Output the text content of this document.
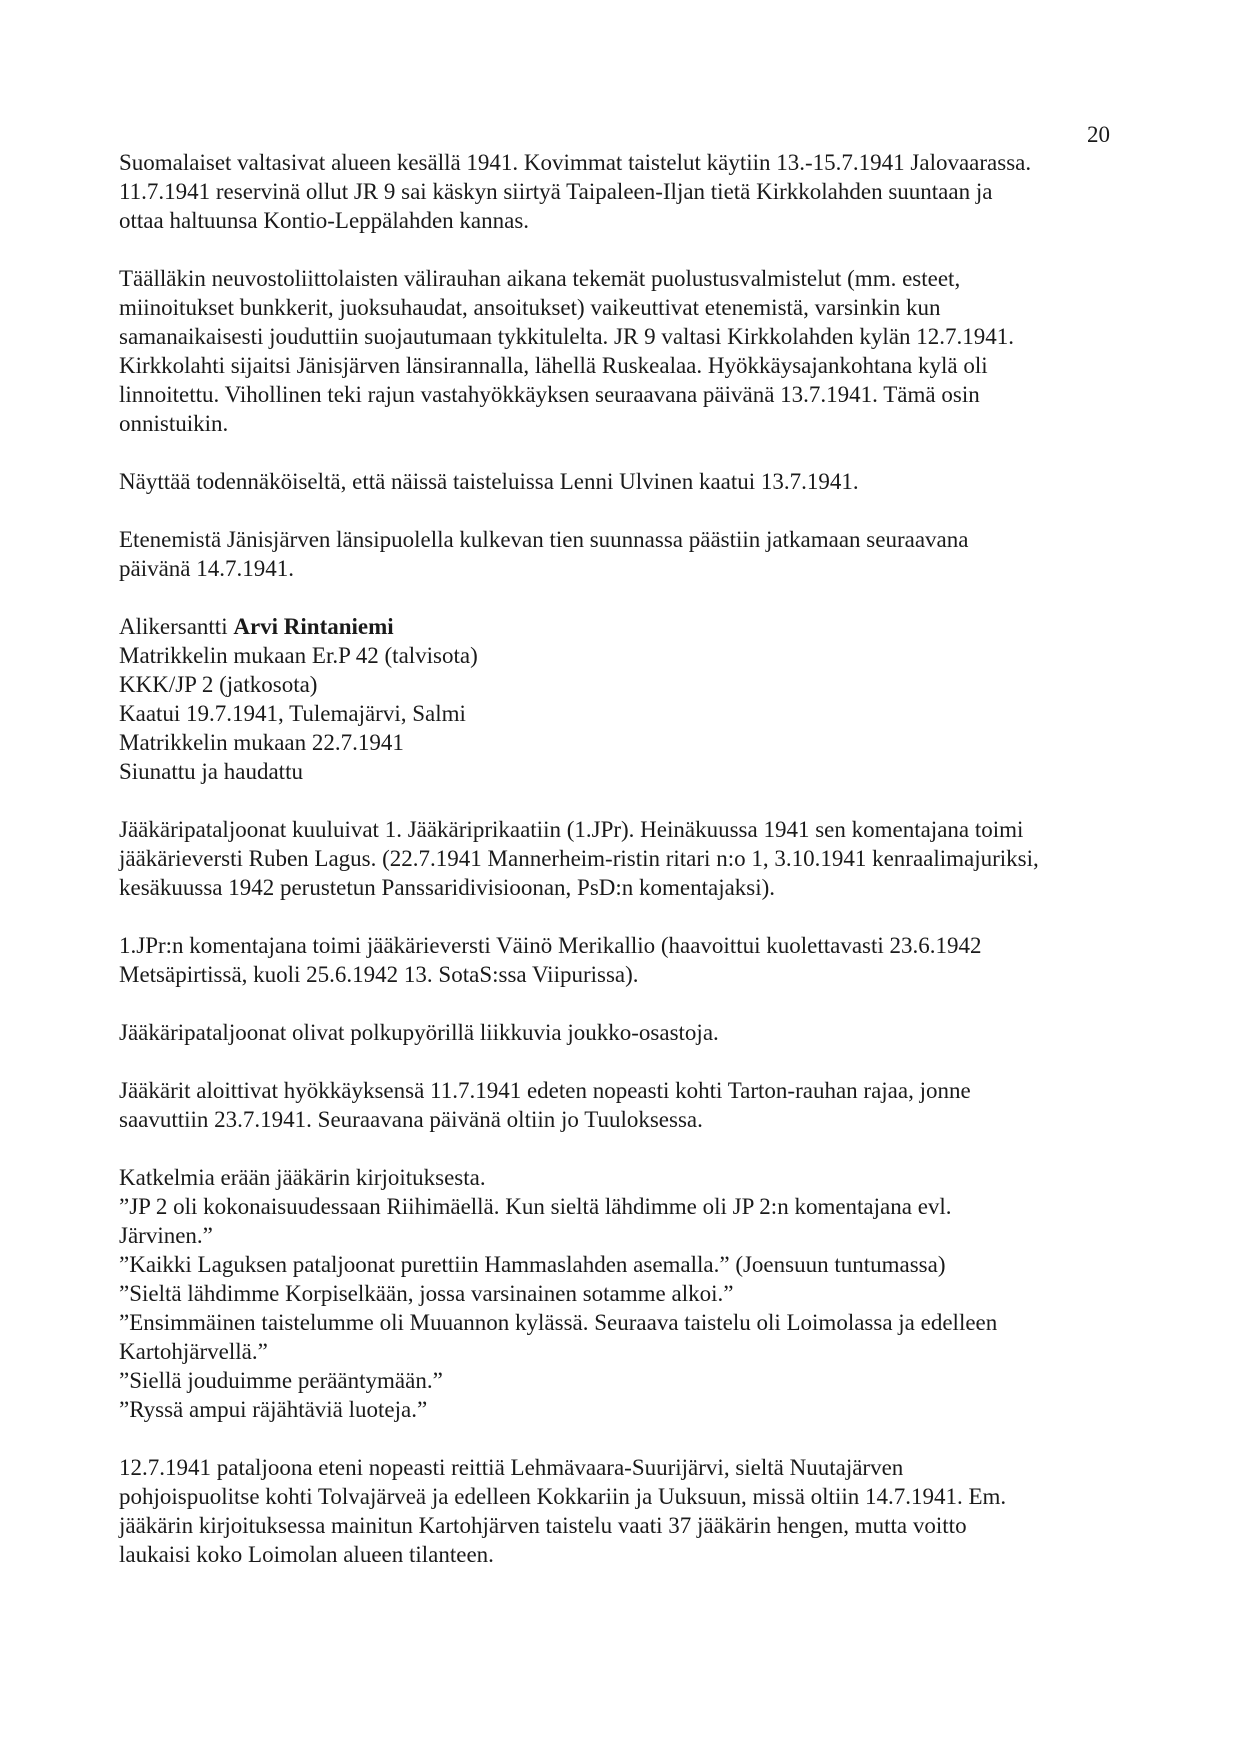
20

Suomalaiset valtasivat alueen kesällä 1941. Kovimmat taistelut käytiin 13.-15.7.1941 Jalovaarassa.
11.7.1941 reservinä ollut JR 9 sai käskyn siirtyä Taipaleen-Iljan tietä Kirkkolahden suuntaan ja
ottaa haltuunsa Kontio-Leppälahden kannas.

Täälläkin neuvostoliittolaisten välirauhan aikana tekemät puolustusvalmistelut (mm. esteet,
miinoitukset bunkkerit, juoksuhaudat, ansoitukset) vaikeuttivat etenemistä, varsinkin kun
samanaikaisesti jouduttiin suojautumaan tykkitulelta. JR 9 valtasi Kirkkolahden kylän 12.7.1941.
Kirkkolahti sijaitsi Jänisjärven länsirannalla, lähellä Ruskealaa. Hyökkäysajankohtana kylä oli
linnoitettu. Vihollinen teki rajun vastahyökkäyksen seuraavana päivänä 13.7.1941. Tämä osin
onnistuikin.

Näyttää todennäköiseltä, että näissä taisteluissa Lenni Ulvinen kaatui 13.7.1941.

Etenemistä Jänisjärven länsipuolella kulkevan tien suunnassa päästiin jatkamaan seuraavana
päivänä 14.7.1941.

Alikersantti Arvi Rintaniemi
Matrikkelin mukaan Er.P 42 (talvisota)
KKK/JP 2 (jatkosota)
Kaatui 19.7.1941, Tulemajärvi, Salmi
Matrikkelin mukaan 22.7.1941
Siunattu ja haudattu

Jääkäripataljoonat kuuluivat 1. Jääkäriprikaatiin (1.JPr). Heinäkuussa 1941 sen komentajana toimi
jääkärieversti Ruben Lagus. (22.7.1941 Mannerheim-ristin ritari n:o 1, 3.10.1941 kenraalimajuriksi,
kesäkuussa 1942 perustetun Panssaridivisioonan, PsD:n komentajaksi).

1.JPr:n komentajana toimi jääkärieversti Väinö Merikallio (haavoittui kuolettavasti 23.6.1942
Metsäpirtissä, kuoli 25.6.1942 13. SotaS:ssa Viipurissa).

Jääkäripataljoonat olivat polkupyörillä liikkuvia joukko-osastoja.

Jääkärit aloittivat hyökkäyksensä 11.7.1941 edeten nopeasti kohti Tarton-rauhan rajaa, jonne
saavuttiin 23.7.1941. Seuraavana päivänä oltiin jo Tuuloksessa.

Katkelmia erään jääkärin kirjoituksesta.
”JP 2 oli kokonaisuudessaan Riihimäellä. Kun sieltä lähdimme oli JP 2:n komentajana evl.
Järvinen.”
”Kaikki Laguksen pataljoonat purettiin Hammaslahden asemalla.” (Joensuun tuntumassa)
”Sieltä lähdimme Korpiselkään, jossa varsinainen sotamme alkoi.”
”Ensimmäinen taistelumme oli Muuannon kylässä. Seuraava taistelu oli Loimolassa ja edelleen
Kartohjärvellä.”
”Siellä jouduimme perääntymään.”
”Ryssä ampui räjähtäviä luoteja.”

12.7.1941 pataljoona eteni nopeasti reittiä Lehmävaara-Suurijärvi, sieltä Nuutajärven
pohjoispuolitse kohti Tolvajärveä ja edelleen Kokkariin ja Uuksuun, missä oltiin 14.7.1941. Em.
jääkärin kirjoituksessa mainitun Kartohjärven taistelu vaati 37 jääkärin hengen, mutta voitto
laukaisi koko Loimolan alueen tilanteen.
